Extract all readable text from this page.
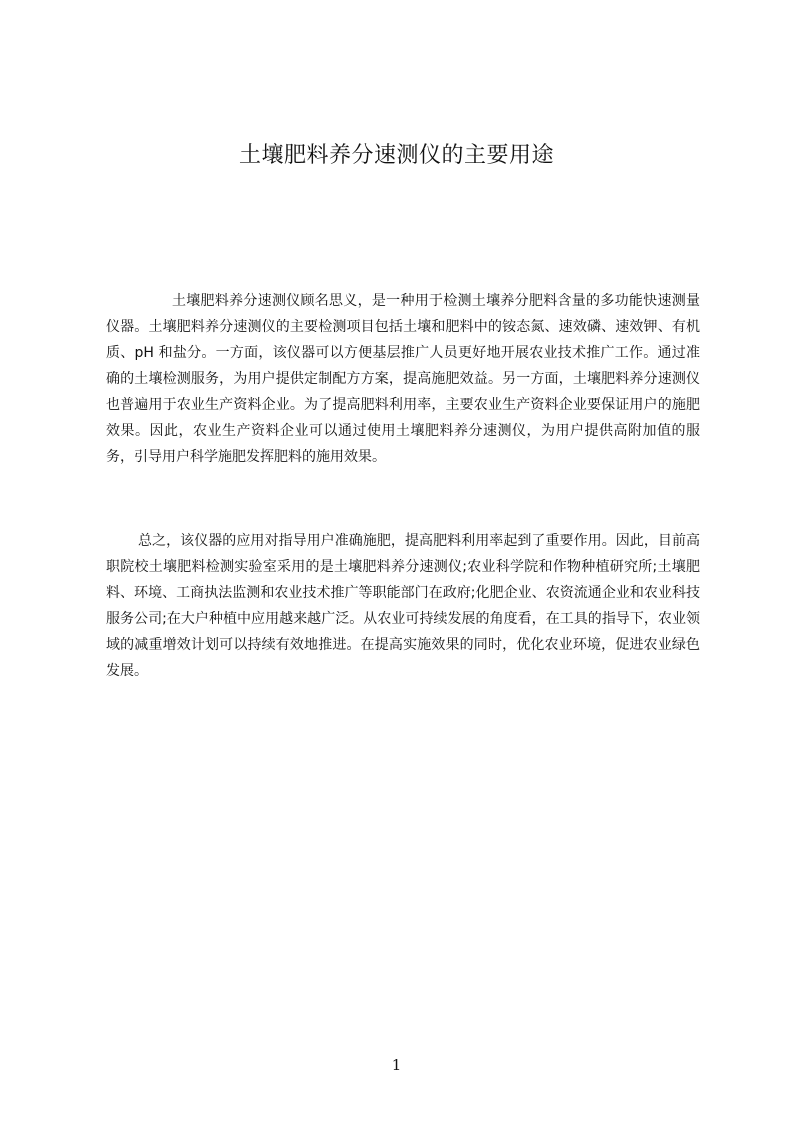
土壤肥料养分速测仪的主要用途

土壤肥料养分速测仪顾名思义，是一种用于检测土壤养分肥料含量的多功能快速测量仪器。土壤肥料养分速测仪的主要检测项目包括土壤和肥料中的铵态氮、速效磷、速效钾、有机质、pH 和盐分。一方面，该仪器可以方便基层推广人员更好地开展农业技术推广工作。通过准确的土壤检测服务，为用户提供定制配方方案，提高施肥效益。另一方面，土壤肥料养分速测仪也普遍用于农业生产资料企业。为了提高肥料利用率，主要农业生产资料企业要保证用户的施肥效果。因此，农业生产资料企业可以通过使用土壤肥料养分速测仪，为用户提供高附加值的服务，引导用户科学施肥发挥肥料的施用效果。

总之，该仪器的应用对指导用户准确施肥，提高肥料利用率起到了重要作用。因此，目前高职院校土壤肥料检测实验室采用的是土壤肥料养分速测仪;农业科学院和作物种植研究所;土壤肥料、环境、工商执法监测和农业技术推广等职能部门在政府;化肥企业、农资流通企业和农业科技服务公司;在大户种植中应用越来越广泛。从农业可持续发展的角度看，在工具的指导下，农业领域的减重增效计划可以持续有效地推进。在提高实施效果的同时，优化农业环境，促进农业绿色发展。

1
